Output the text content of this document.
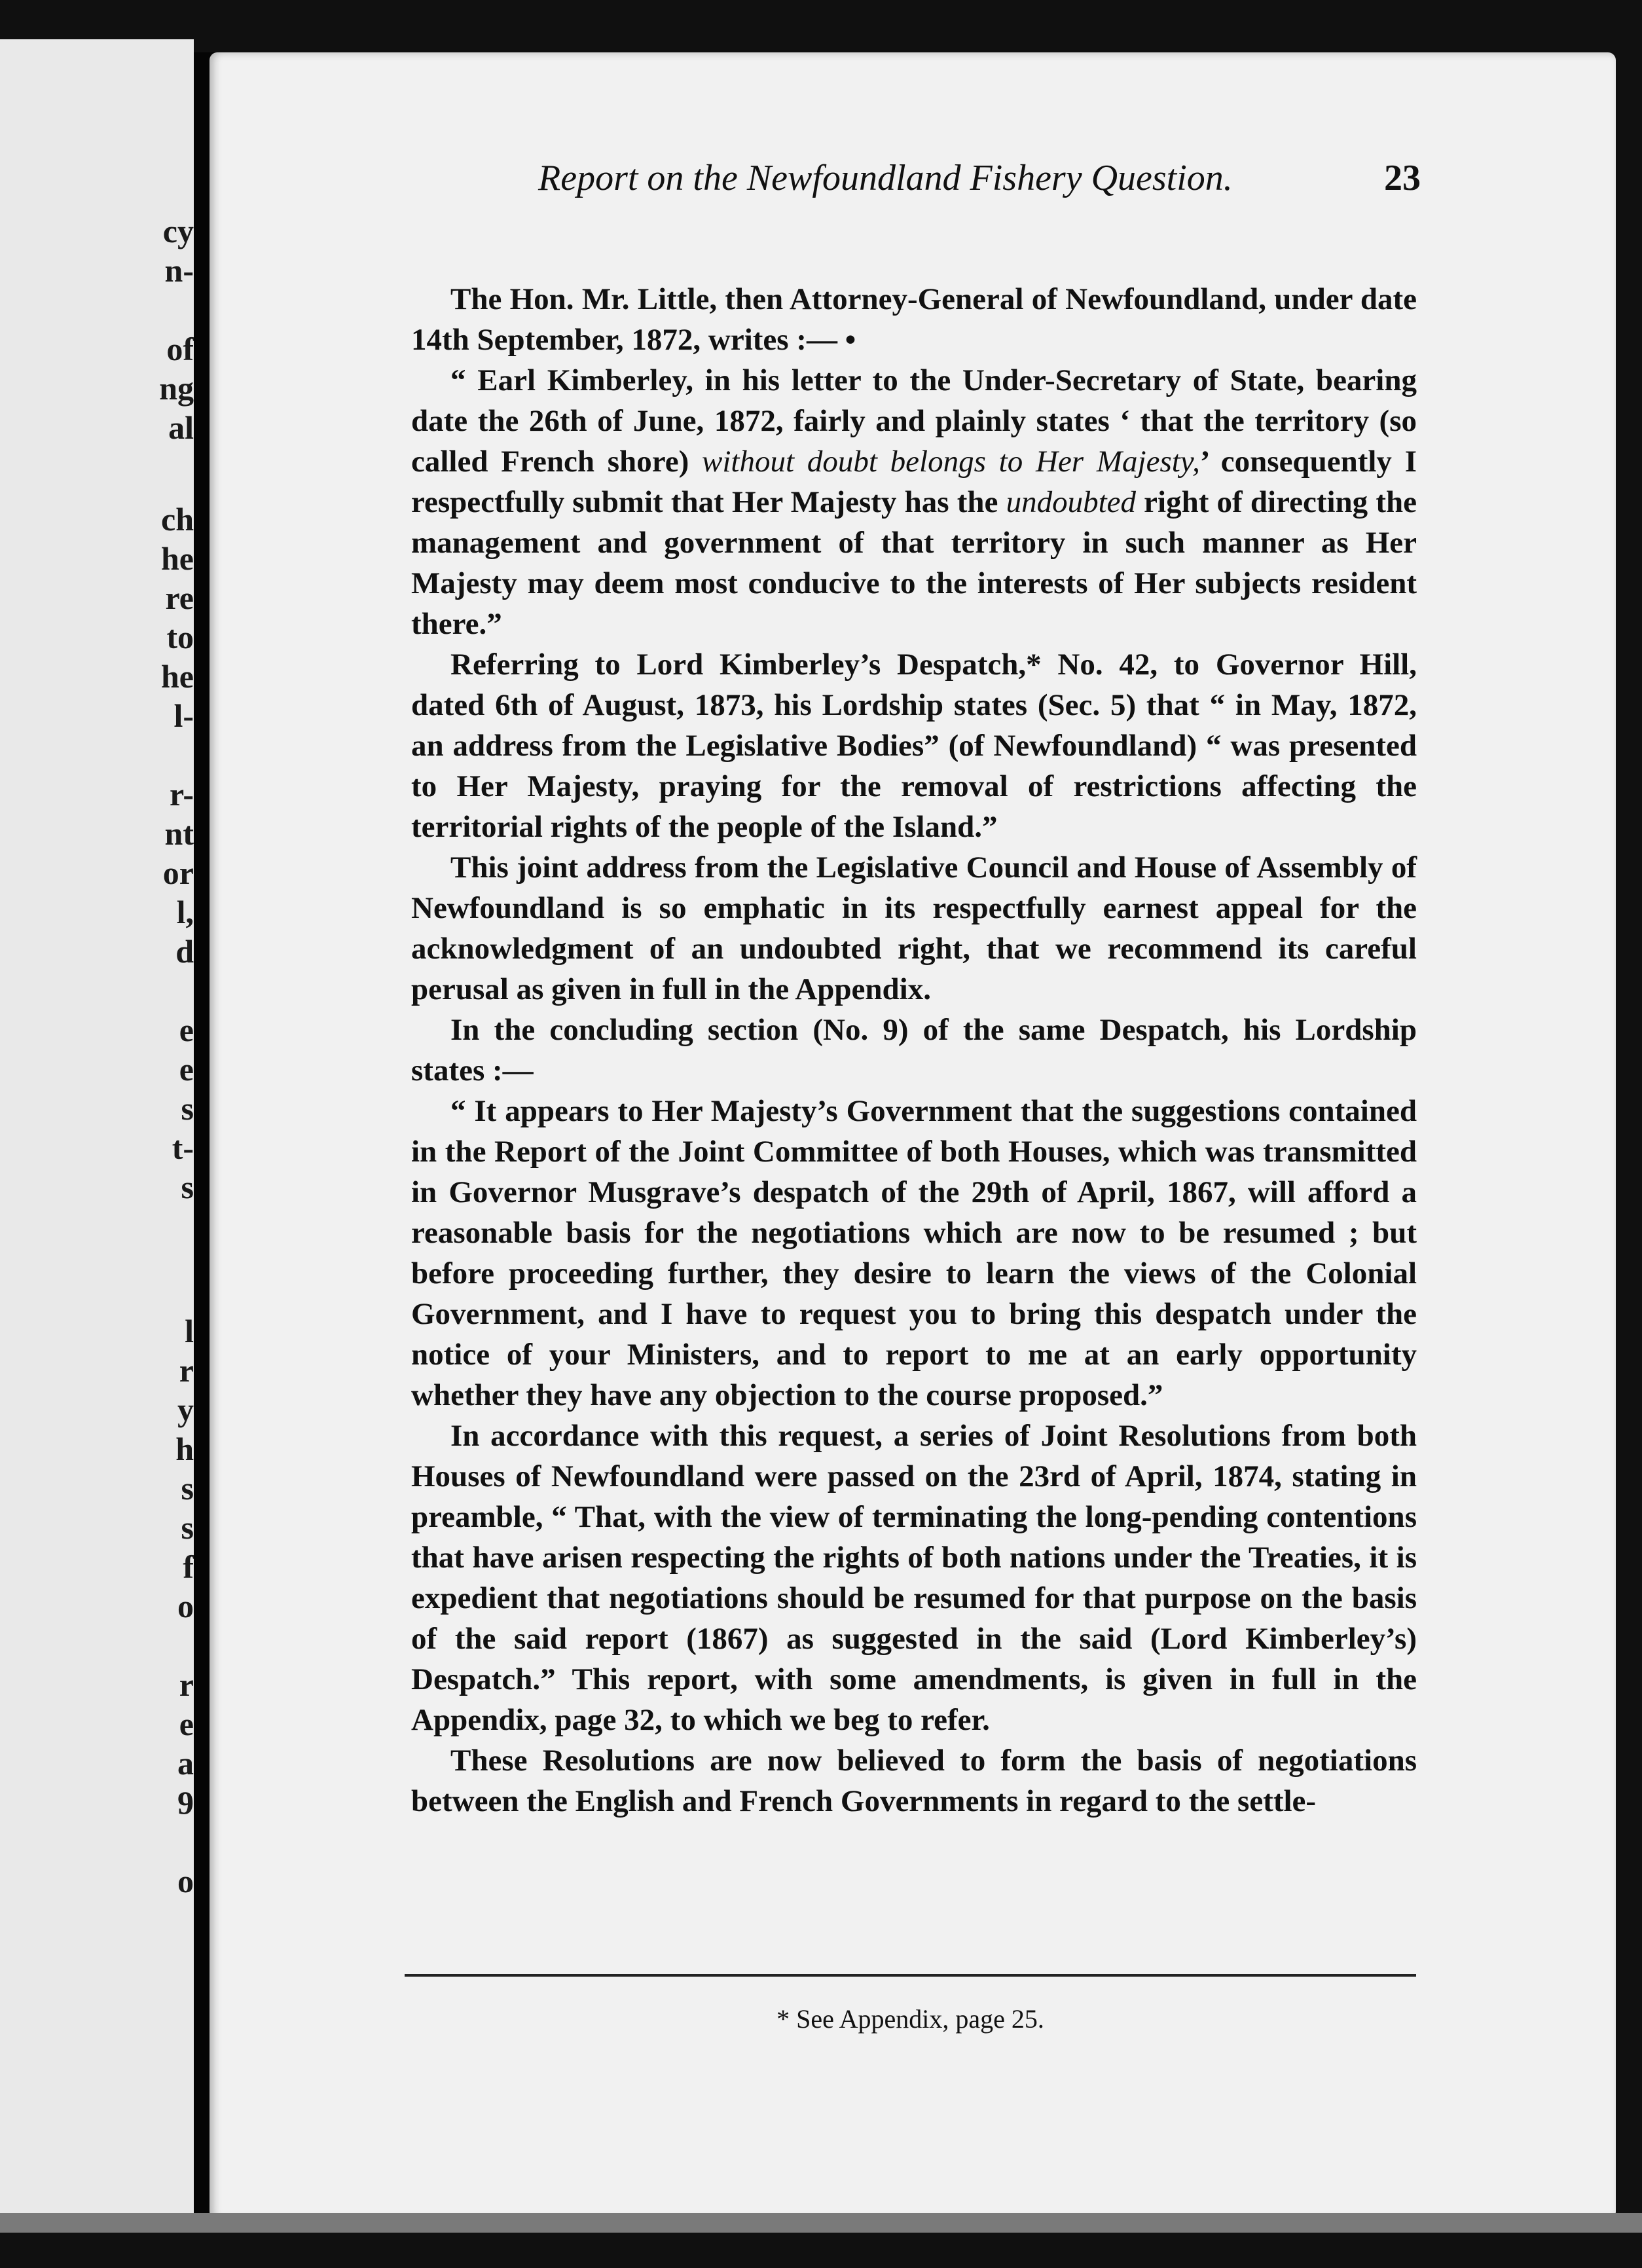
cy
n-
of
ng
al
ch
he
re
to
he
l-
r-
nt
or
l,
d
e
e
s
t-
s
l
r
y
h
s
s
f
o
r
e
a
9
o
Report on the Newfoundland Fishery Question.	23

The Hon. Mr. Little, then Attorney-General of Newfoundland, under date 14th September, 1872, writes :— •

“ Earl Kimberley, in his letter to the Under-Secretary of State, bearing date the 26th of June, 1872, fairly and plainly states ‘ that the territory (so called French shore) without doubt belongs to Her Majesty,’ consequently I respectfully submit that Her Majesty has the undoubted right of directing the management and government of that territory in such manner as Her Majesty may deem most conducive to the interests of Her subjects resident there.”

Referring to Lord Kimberley’s Despatch,* No. 42, to Governor Hill, dated 6th of August, 1873, his Lordship states (Sec. 5) that “ in May, 1872, an address from the Legislative Bodies” (of Newfoundland) “ was presented to Her Majesty, praying for the removal of restrictions affecting the territorial rights of the people of the Island.”

This joint address from the Legislative Council and House of Assembly of Newfoundland is so emphatic in its respectfully earnest appeal for the acknowledgment of an undoubted right, that we recommend its careful perusal as given in full in the Appendix.

In the concluding section (No. 9) of the same Despatch, his Lordship states :—

“ It appears to Her Majesty’s Government that the suggestions contained in the Report of the Joint Committee of both Houses, which was transmitted in Governor Musgrave’s despatch of the 29th of April, 1867, will afford a reasonable basis for the negotiations which are now to be resumed ; but before proceeding further, they desire to learn the views of the Colonial Government, and I have to request you to bring this despatch under the notice of your Ministers, and to report to me at an early opportunity whether they have any objection to the course proposed.”

In accordance with this request, a series of Joint Resolutions from both Houses of Newfoundland were passed on the 23rd of April, 1874, stating in preamble, “ That, with the view of terminating the long-pending contentions that have arisen respecting the rights of both nations under the Treaties, it is expedient that negotiations should be resumed for that purpose on the basis of the said report (1867) as suggested in the said (Lord Kimberley’s) Despatch.” This report, with some amendments, is given in full in the Appendix, page 32, to which we beg to refer.

These Resolutions are now believed to form the basis of negotiations between the English and French Governments in regard to the settle-

* See Appendix, page 25.
